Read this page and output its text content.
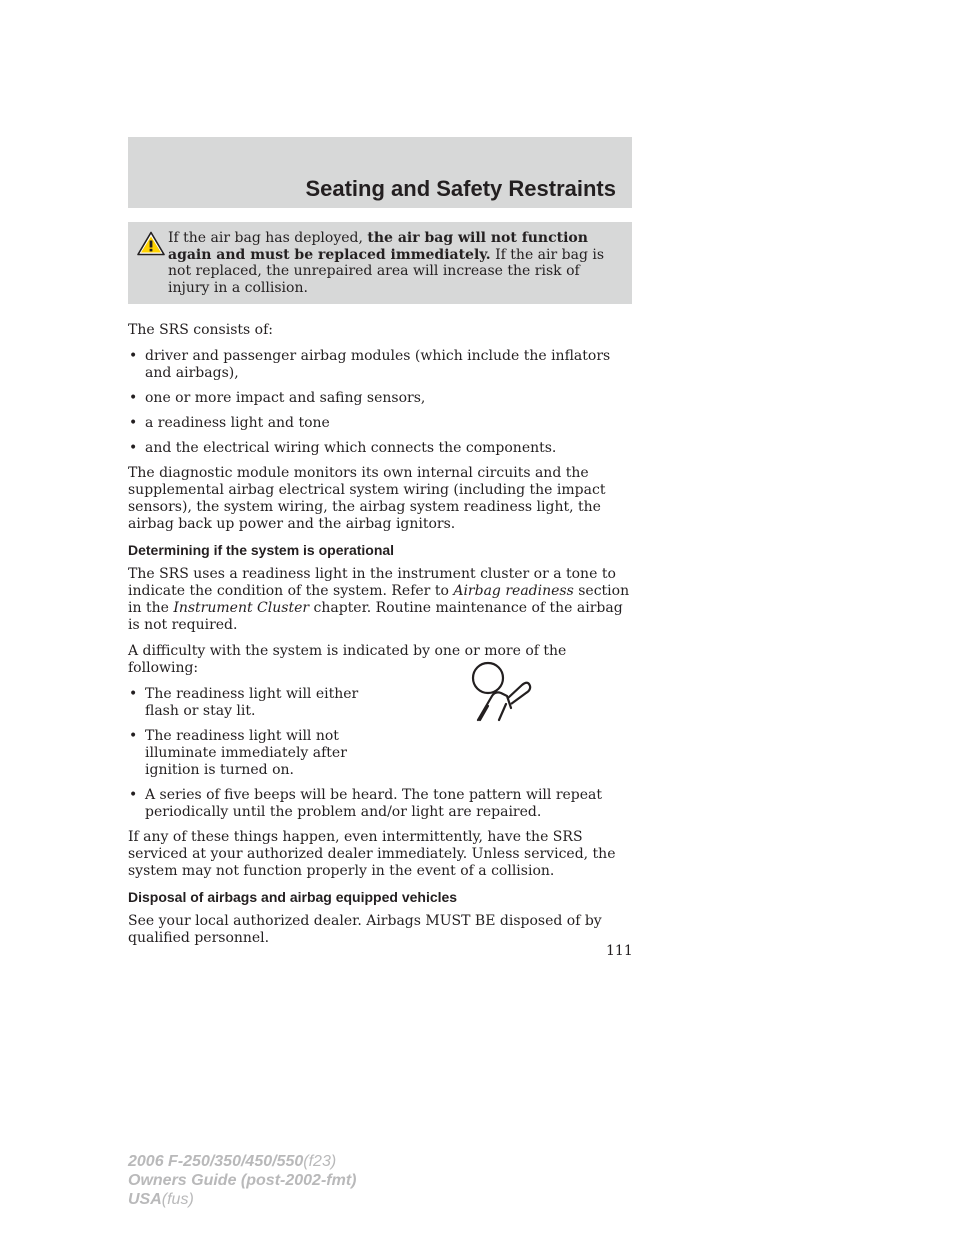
Seating and Safety Restraints

If the air bag has deployed, the air bag will not function again and must be replaced immediately. If the air bag is not replaced, the unrepaired area will increase the risk of injury in a collision.

The SRS consists of:

• driver and passenger airbag modules (which include the inflators and airbags),
• one or more impact and safing sensors,
• a readiness light and tone
• and the electrical wiring which connects the components.

The diagnostic module monitors its own internal circuits and the supplemental airbag electrical system wiring (including the impact sensors), the system wiring, the airbag system readiness light, the airbag back up power and the airbag ignitors.

Determining if the system is operational

The SRS uses a readiness light in the instrument cluster or a tone to indicate the condition of the system. Refer to Airbag readiness section in the Instrument Cluster chapter. Routine maintenance of the airbag is not required.

A difficulty with the system is indicated by one or more of the following:

• The readiness light will either flash or stay lit.
• The readiness light will not illuminate immediately after ignition is turned on.
• A series of five beeps will be heard. The tone pattern will repeat periodically until the problem and/or light are repaired.

If any of these things happen, even intermittently, have the SRS serviced at your authorized dealer immediately. Unless serviced, the system may not function properly in the event of a collision.

Disposal of airbags and airbag equipped vehicles

See your local authorized dealer. Airbags MUST BE disposed of by qualified personnel.

111

2006 F-250/350/450/550(f23)
Owners Guide (post-2002-fmt)
USA(fus)
